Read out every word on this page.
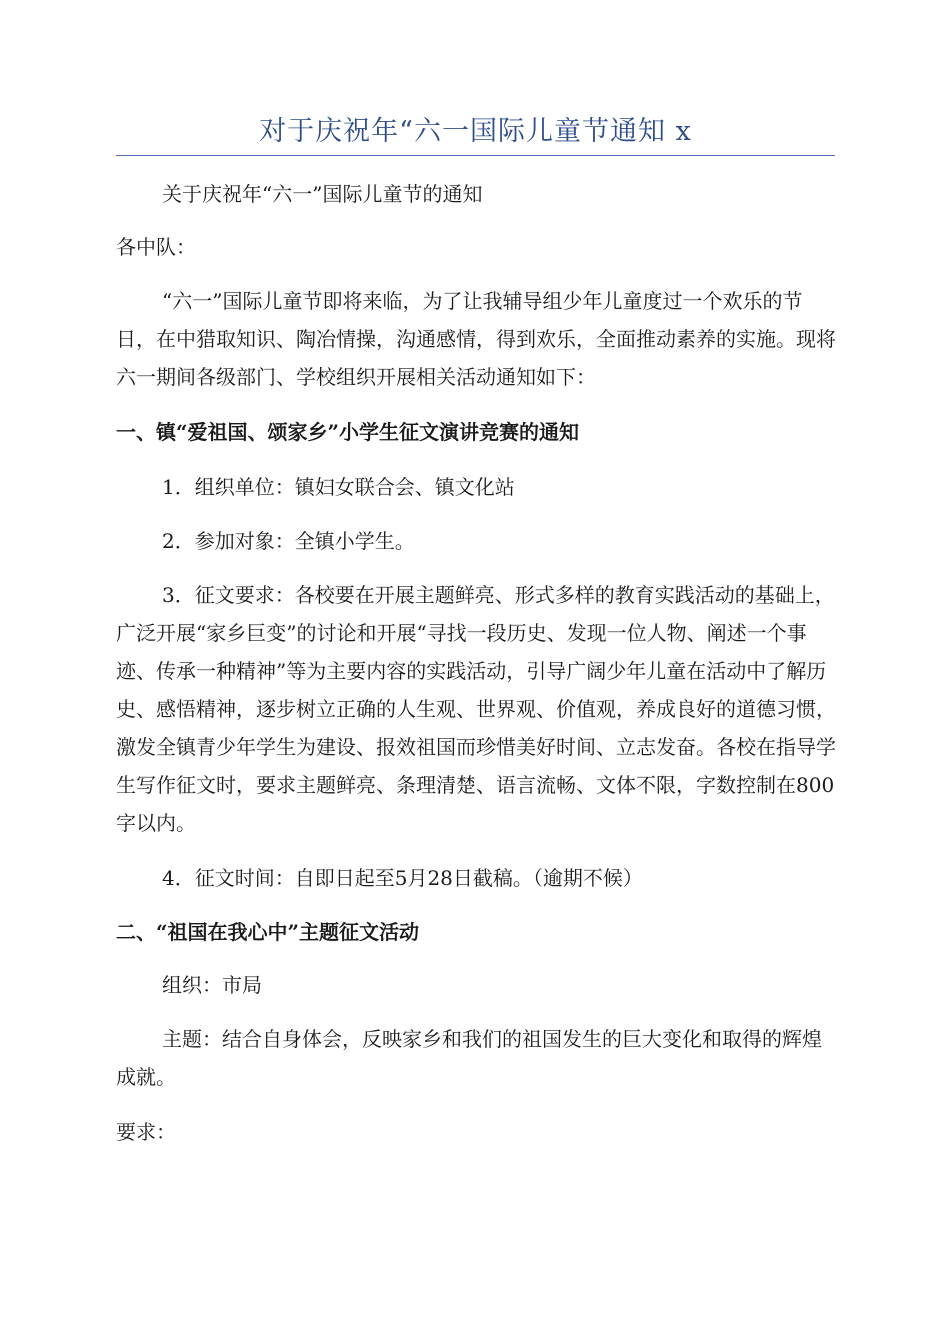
对于庆祝年“六一国际儿童节通知 x

关于庆祝年“六一”国际儿童节的通知

各中队：

“六一”国际儿童节即将来临，为了让我辅导组少年儿童度过一个欢乐的节日，在中猎取知识、陶冶情操，沟通感情，得到欢乐，全面推动素养的实施。现将六一期间各级部门、学校组织开展相关活动通知如下：

一、镇“爱祖国、颂家乡”小学生征文演讲竞赛的通知

1．组织单位：镇妇女联合会、镇文化站

2．参加对象：全镇小学生。

3．征文要求：各校要在开展主题鲜亮、形式多样的教育实践活动的基础上，广泛开展“家乡巨变”的讨论和开展“寻找一段历史、发现一位人物、阐述一个事迹、传承一种精神”等为主要内容的实践活动，引导广阔少年儿童在活动中了解历史、感悟精神，逐步树立正确的人生观、世界观、价值观，养成良好的道德习惯，激发全镇青少年学生为建设、报效祖国而珍惜美好时间、立志发奋。各校在指导学生写作征文时，要求主题鲜亮、条理清楚、语言流畅、文体不限，字数控制在800字以内。

4．征文时间：自即日起至5月28日截稿。（逾期不候）

二、“祖国在我心中”主题征文活动

组织：市局

主题：结合自身体会，反映家乡和我们的祖国发生的巨大变化和取得的辉煌成就。

要求：
